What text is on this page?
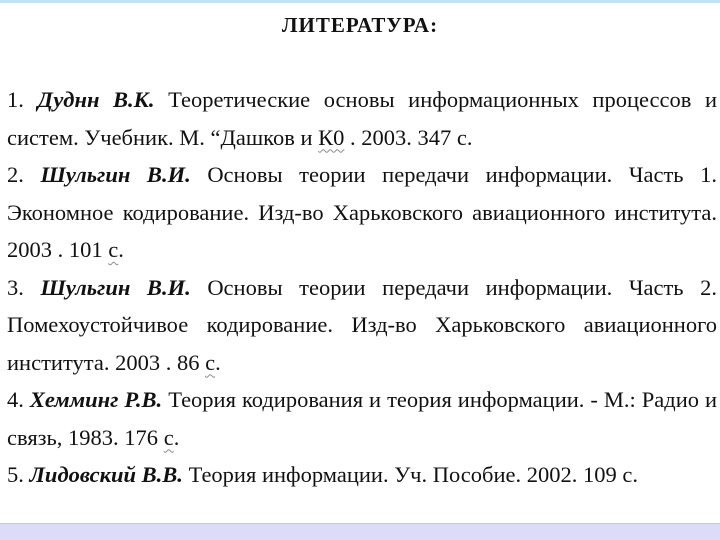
ЛИТЕРАТУРА:

1. Дуднн В.К. Теоретические основы информационных процессов и систем. Учебник. М. “Дашков и К0 . 2003. 347 с.

2. Шульгин В.И. Основы теории передачи информации. Часть 1. Экономное кодирование. Изд-во Харьковского авиационного института. 2003 . 101 с.

3. Шульгин В.И. Основы теории передачи информации. Часть 2. Помехоустойчивое кодирование. Изд-во Харьковского авиационного института. 2003 . 86 с.

4. Хемминг Р.В. Теория кодирования и теория информации. - М.: Радио и связь, 1983. 176 с.

5. Лидовский В.В. Теория информации. Уч. Пособие. 2002. 109 с.
